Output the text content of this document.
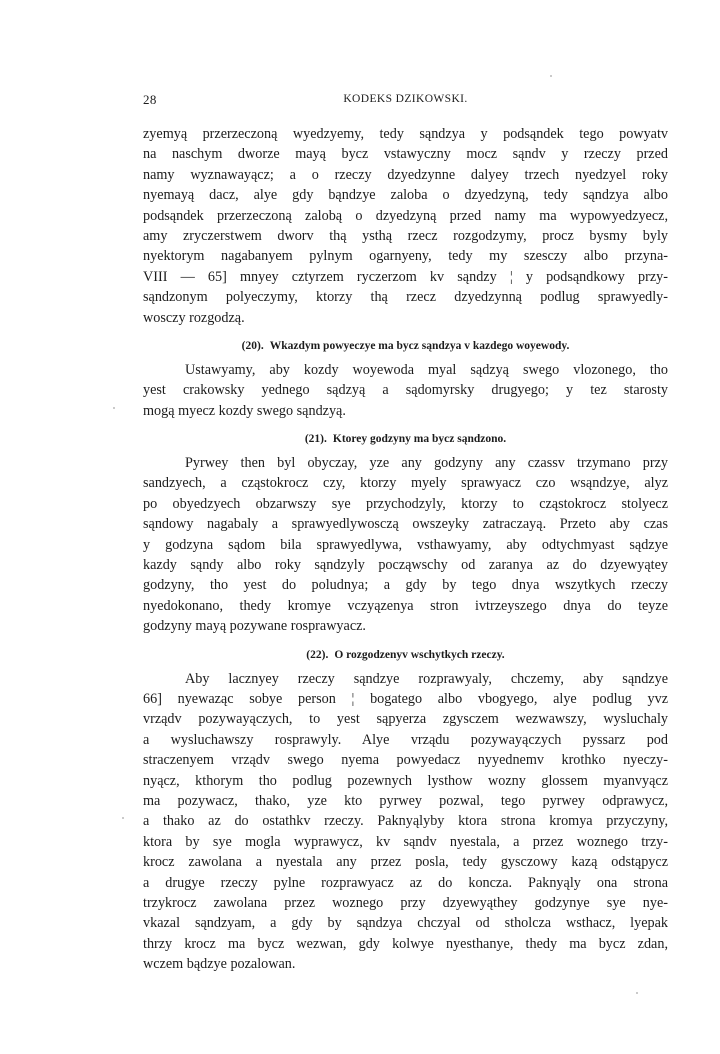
28	KODEKS DZIKOWSKI.
zyemyą przerzeczoną wyedzyemy, tedy sąndzya y podsąndek tego powyatv
na naschym dworze mayą bycz vstawyczny mocz sąndv y rzeczy przed
namy wyznawayącz; a o rzeczy dzyedzynne dalyey trzech nyedzyel roky
nyemayą dacz, alye gdy bąndzye zaloba o dzyedzyną, tedy sąndzya albo
podsąndek przerzeczoną zalobą o dzyedzyną przed namy ma wypowyedzyecz,
amy zryczerstwem dworv thą ysthą rzecz rozgodzymy, procz bysmy byly
nyektorym nagabanyem pylnym ogarnyeny, tedy my szesczy albo przyna-
VIII — 65] mnyey cztyrzem ryczerzom kv sąndzy ¦ y podsąndkowy przy-
sąndzonym polyeczymy, ktorzy thą rzecz dzyedzynną podlug sprawyedly-
wosczy rozgodzą.
(20). Wkazdym powyeczye ma bycz sąndzya v kazdego woyewody.
Ustawyamy, aby kozdy woyewoda myal sądzyą swego vlozonego, tho
yest crakowsky yednego sądzyą a sądomyrsky drugyego; y tez starosty
mogą myecz kozdy swego sąndzyą.
(21). Ktorey godzyny ma bycz sąndzono.
Pyrwey then byl obyczay, yze any godzyny any czassv trzymano przy
sandzyech, a cząstokrocz czy, ktorzy myely sprawyacz czo wsąndzye, alyz
po obyedzyech obzarwszy sye przychodzyly, ktorzy to cząstokrocz stolyecz
sąndowy nagabaly a sprawyedlywosczą owszeyky zatraczayą. Przeto aby czas
y godzyna sądom bila sprawyedlywa, vsthawyamy, aby odtychmyast sądzye
kazdy sąndy albo roky sąndzyly począwschy od zaranya az do dzyewyątey
godzyny, tho yest do poludnya; a gdy by tego dnya wszytkych rzeczy
nyedokonano, thedy kromye vczyązenya stron ivtrzeyszego dnya do teyze
godzyny mayą pozywane rosprawyacz.
(22). O rozgodzenyv wschytkych rzeczy.
Aby lacznyey rzeczy sąndzye rozprawyaly, chczemy, aby sąndzye
66] nyewaząc sobye person ¦ bogatego albo vbogyego, alye podlug yvz
vrządv pozywayączych, to yest sąpyerza zgysczem wezwawszy, wysluchaly
a wysluchawszy rosprawyly. Alye vrządu pozywayączych pyssarz pod
straczenyem vrządv swego nyema powyedacz nyyednemv krothko nyeczy-
nyącz, kthorym tho podlug pozewnych lysthow wozny glossem myanvyącz
ma pozywacz, thako, yze kto pyrwey pozwal, tego pyrwey odprawycz,
a thako az do ostathkv rzeczy. Paknyąlyby ktora strona kromya przyczyny,
ktora by sye mogla wyprawycz, kv sąndv nyestala, a przez woznego trzy-
krocz zawolana a nyestala any przez posla, tedy gysczowy kazą odstąpycz
a drugye rzeczy pylne rozprawyacz az do koncza. Paknyąly ona strona
trzykrocz zawolana przez woznego przy dzyewyąthey godzynye sye nye-
vkazal sąndzyam, a gdy by sąndzya chczyal od stholcza wsthacz, lyepak
thrzy krocz ma bycz wezwan, gdy kolwye nyesthanye, thedy ma bycz zdan,
wczem bądzye pozalowan.
